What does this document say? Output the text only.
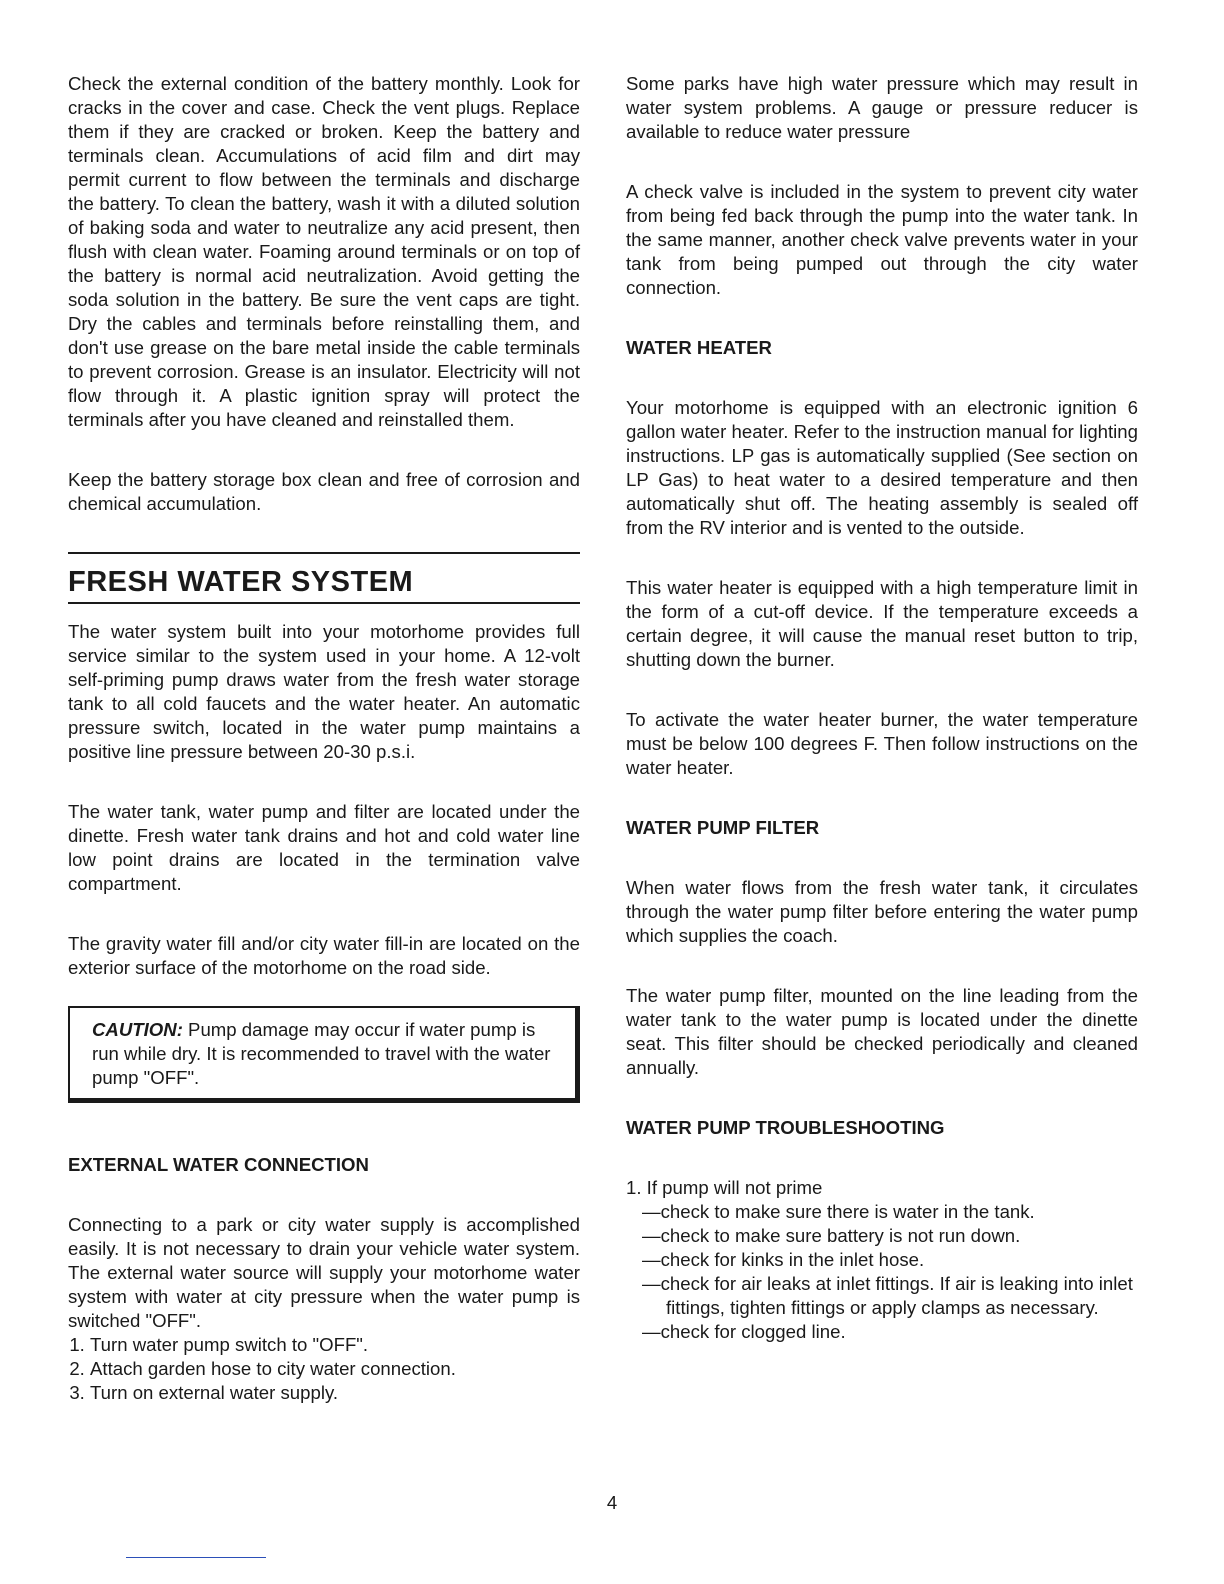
Check the external condition of the battery monthly. Look for cracks in the cover and case. Check the vent plugs. Replace them if they are cracked or broken. Keep the battery and terminals clean. Accumulations of acid film and dirt may permit current to flow between the terminals and discharge the battery. To clean the battery, wash it with a diluted solution of baking soda and water to neutralize any acid present, then flush with clean water. Foaming around terminals or on top of the battery is normal acid neutralization. Avoid getting the soda solution in the battery. Be sure the vent caps are tight. Dry the cables and terminals before reinstalling them, and don't use grease on the bare metal inside the cable terminals to prevent corrosion. Grease is an insulator. Electricity will not flow through it. A plastic ignition spray will protect the terminals after you have cleaned and reinstalled them.

Keep the battery storage box clean and free of corrosion and chemical accumulation.

FRESH WATER SYSTEM

The water system built into your motorhome provides full service similar to the system used in your home. A 12-volt self-priming pump draws water from the fresh water storage tank to all cold faucets and the water heater. An automatic pressure switch, located in the water pump maintains a positive line pressure between 20-30 p.s.i.

The water tank, water pump and filter are located under the dinette. Fresh water tank drains and hot and cold water line low point drains are located in the termination valve compartment.

The gravity water fill and/or city water fill-in are located on the exterior surface of the motorhome on the road side.

CAUTION: Pump damage may occur if water pump is run while dry. It is recommended to travel with the water pump "OFF".

EXTERNAL WATER CONNECTION

Connecting to a park or city water supply is accomplished easily. It is not necessary to drain your vehicle water system. The external water source will supply your motorhome water system with water at city pressure when the water pump is switched "OFF".

1. Turn water pump switch to "OFF".
2. Attach garden hose to city water connection.
3. Turn on external water supply.

Some parks have high water pressure which may result in water system problems. A gauge or pressure reducer is available to reduce water pressure

A check valve is included in the system to prevent city water from being fed back through the pump into the water tank. In the same manner, another check valve prevents water in your tank from being pumped out through the city water connection.

WATER HEATER

Your motorhome is equipped with an electronic ignition 6 gallon water heater. Refer to the instruction manual for lighting instructions. LP gas is automatically supplied (See section on LP Gas) to heat water to a desired temperature and then automatically shut off. The heating assembly is sealed off from the RV interior and is vented to the outside.

This water heater is equipped with a high temperature limit in the form of a cut-off device. If the temperature exceeds a certain degree, it will cause the manual reset button to trip, shutting down the burner.

To activate the water heater burner, the water temperature must be below 100 degrees F. Then follow instructions on the water heater.

WATER PUMP FILTER

When water flows from the fresh water tank, it circulates through the water pump filter before entering the water pump which supplies the coach.

The water pump filter, mounted on the line leading from the water tank to the water pump is located under the dinette seat. This filter should be checked periodically and cleaned annually.

WATER PUMP TROUBLESHOOTING

1. If pump will not prime

—check to make sure there is water in the tank.

—check to make sure battery is not run down.

—check for kinks in the inlet hose.

—check for air leaks at inlet fittings. If air is leaking into inlet fittings, tighten fittings or apply clamps as necessary.

—check for clogged line.

4
